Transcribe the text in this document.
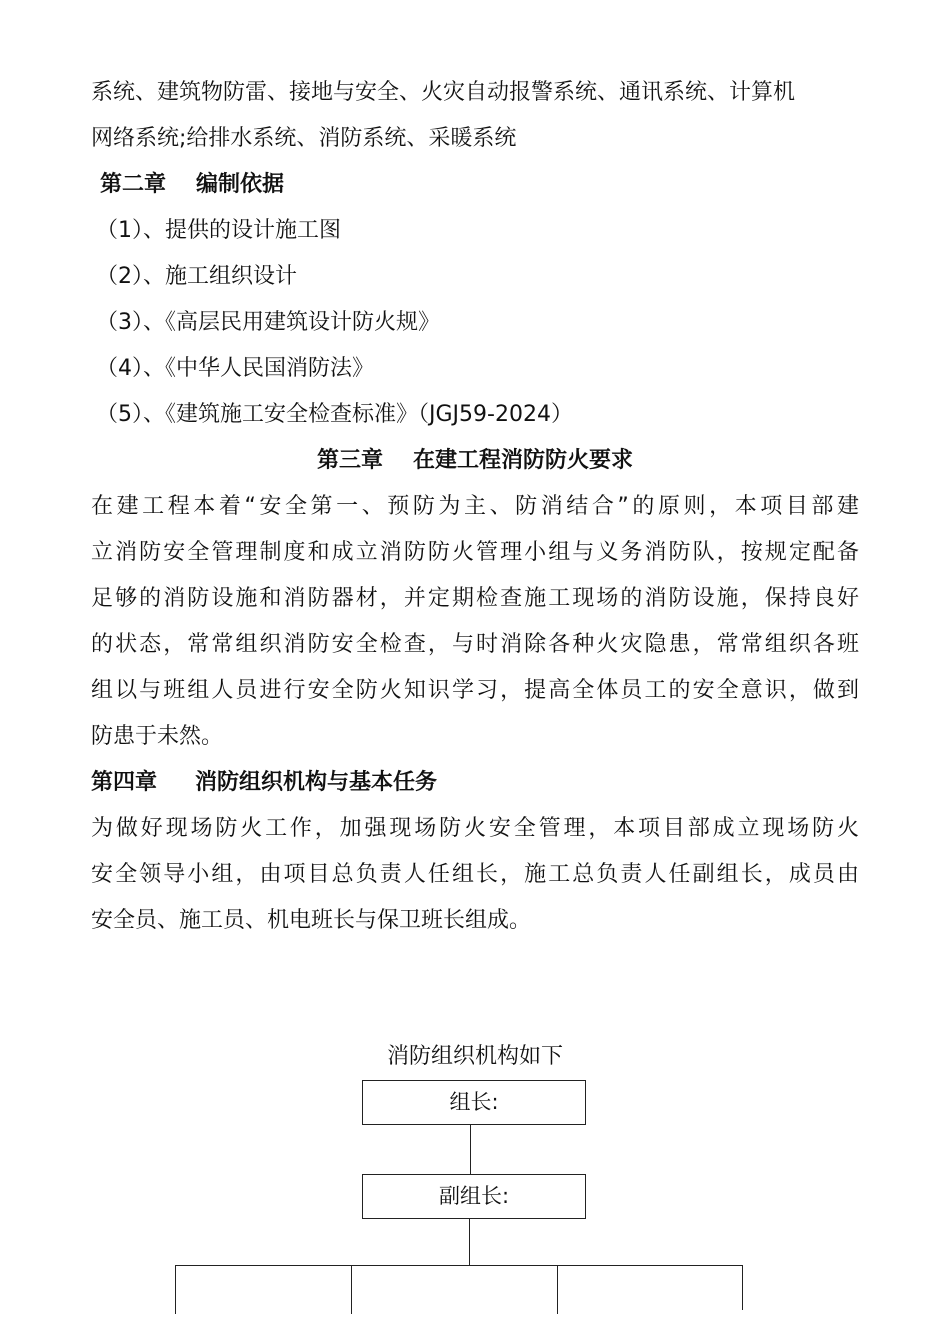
系统、建筑物防雷、接地与安全、火灾自动报警系统、通讯系统、计算机
网络系统;给排水系统、消防系统、采暖系统
第二章 编制依据
（1）、提供的设计施工图
（2）、施工组织设计
（3）、《高层民用建筑设计防火规》
（4）、《中华人民国消防法》
（5）、《建筑施工安全检查标准》（JGJ59-2024）
第三章 在建工程消防防火要求
在建工程本着“安全第一、预防为主、防消结合”的原则，本项目部建
立消防安全管理制度和成立消防防火管理小组与义务消防队，按规定配备
足够的消防设施和消防器材，并定期检查施工现场的消防设施，保持良好
的状态，常常组织消防安全检查，与时消除各种火灾隐患，常常组织各班
组以与班组人员进行安全防火知识学习，提高全体员工的安全意识，做到
防患于未然。
第四章 消防组织机构与基本任务
为做好现场防火工作，加强现场防火安全管理，本项目部成立现场防火
安全领导小组，由项目总负责人任组长，施工总负责人任副组长，成员由
安全员、施工员、机电班长与保卫班长组成。
消防组织机构如下
组长:
副组长:
